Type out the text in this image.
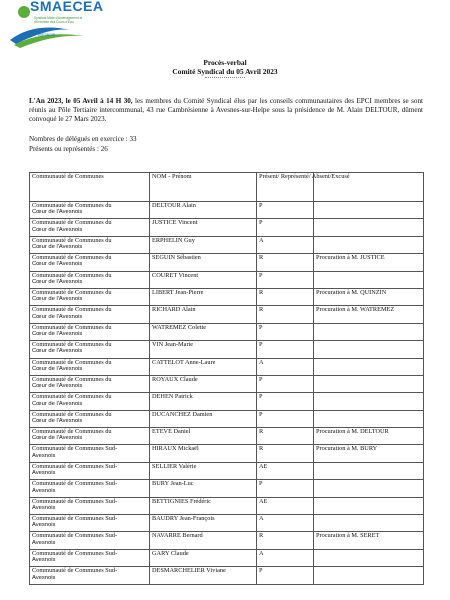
SMAECEA
Syndicat Mixte d'Aménagement et d'Entretien des Cours d'Eau
AVESNOIS
Procès-verbal
Comité Syndical du 05 Avril 2023
L'An 2023, le 05 Avril à 14 H 30, les membres du Comité Syndical élus par les conseils communautaires des EPCI membres se sont réunis au Pôle Tertiaire intercommunal, 43 rue Cambrésienne à Avesnes-sur-Helpe sous la présidence de M. Alain DELTOUR, dûment convoqué le 27 Mars 2023.
Nombres de délégués en exercice : 33
Présents ou représentés : 26
Communauté de Communes	NOM - Prénom	Présent/ Représenté/ Absent/Excusé	

Communauté de Communes du
Cœur de l'Avesnois	DELTOUR Alain	P	

Communauté de Communes du
Cœur de l'Avesnois	JUSTICE Vincent	P	

Communauté de Communes du
Cœur de l'Avesnois	ERPHELIN Guy	A	

Communauté de Communes du
Cœur de l'Avesnois	SEGUIN Sébastien	R	Procuration à M. JUSTICE

Communauté de Communes du
Cœur de l'Avesnois	COURET Vincent	P	

Communauté de Communes du
Cœur de l'Avesnois	LIBERT Jean-Pierre	R	Procuration à M. QUINZIN

Communauté de Communes du
Cœur de l'Avesnois	RICHARD Alain	R	Procuration à M. WATREMEZ

Communauté de Communes du
Cœur de l'Avesnois	WATREMEZ Colette	P	

Communauté de Communes du
Cœur de l'Avesnois	VIN Jean-Marie	P	

Communauté de Communes du
Cœur de l'Avesnois	CATTELOT Anne-Laure	A	

Communauté de Communes du
Cœur de l'Avesnois	ROYAUX Claude	P	

Communauté de Communes du
Cœur de l'Avesnois	DEHEN Patrick	P	

Communauté de Communes du
Cœur de l'Avesnois	DUCANCHEZ Damien	P	

Communauté de Communes du
Cœur de l'Avesnois	ETEVE Daniel	R	Procuration à M. DELTOUR

Communauté de Communes Sud-
Avesnois	HIRAUX Mickaël	R	Procuration à M. BURY

Communauté de Communes Sud-
Avesnois	SELLIER Valérie	AE	

Communauté de Communes Sud-
Avesnois	BURY Jean-Luc	P	

Communauté de Communes Sud-
Avesnois	BETTIGNIES Frédéric	AE	

Communauté de Communes Sud-
Avesnois	BAUDRY Jean-François	A	

Communauté de Communes Sud-
Avesnois	NAVARRE Bernard	R	Procuration à M. SERET

Communauté de Communes Sud-
Avesnois	GARY Claude	A	

Communauté de Communes Sud-
Avesnois	DESMARCHELIER Viviane	P	
